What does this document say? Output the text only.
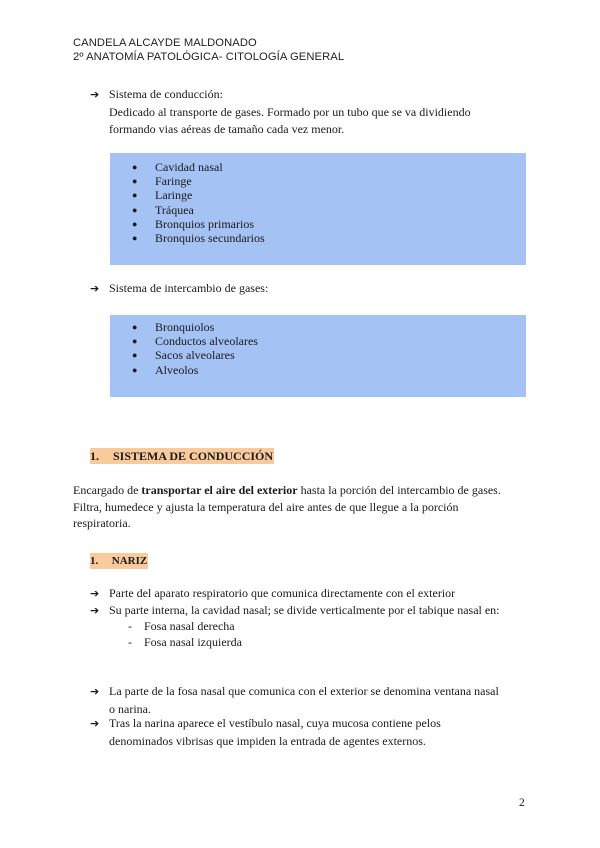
CANDELA ALCAYDE MALDONADO
2º ANATOMÍA PATOLÓGICA- CITOLOGÍA GENERAL
➔ Sistema de conducción:
Dedicado al transporte de gases. Formado por un tubo que se va dividiendo
formando vias aéreas de tamaño cada vez menor.
●	Cavidad nasal
●	Faringe
●	Laringe
●	Tráquea
●	Bronquios primarios
●	Bronquios secundarios
➔ Sistema de intercambio de gases:
●	Bronquiolos
●	Conductos alveolares
●	Sacos alveolares
●	Alveolos
1. SISTEMA DE CONDUCCIÓN
Encargado de transportar el aire del exterior hasta la porción del intercambio de gases.
Filtra, humedece y ajusta la temperatura del aire antes de que llegue a la porción
respiratoria.
1. NARIZ
➔ Parte del aparato respiratorio que comunica directamente con el exterior
➔ Su parte interna, la cavidad nasal; se divide verticalmente por el tabique nasal en:
-	Fosa nasal derecha
-	Fosa nasal izquierda
➔ La parte de la fosa nasal que comunica con el exterior se denomina ventana nasal
o narina.
➔ Tras la narina aparece el vestíbulo nasal, cuya mucosa contiene pelos
denominados vibrisas que impiden la entrada de agentes externos.
2
